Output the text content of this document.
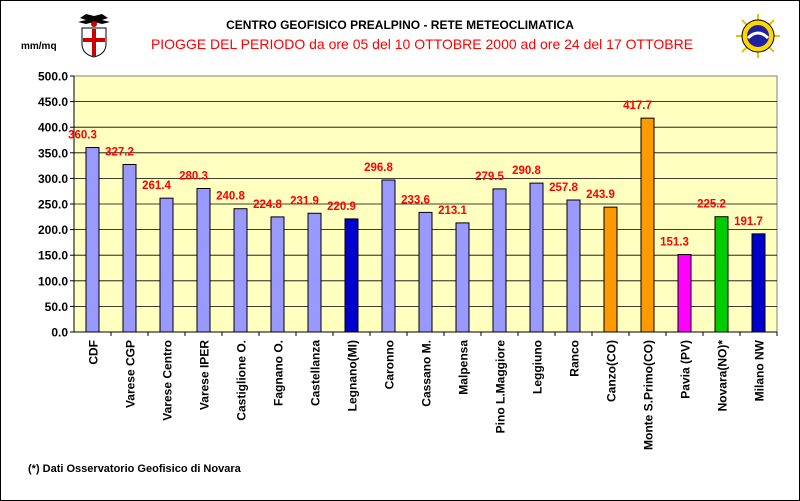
CENTRO GEOFISICO PREALPINO - RETE METEOCLIMATICA
PIOGGE DEL PERIODO da ore 05 del 10 OTTOBRE 2000 ad ore 24 del 17 OTTOBRE
mm/mq
0.0
50.0
100.0
150.0
200.0
250.0
300.0
350.0
400.0
450.0
500.0
360.3
CDF
327.2
Varese CGP
261.4
Varese Centro
280.3
Varese IPER
240.8
Castiglione O.
224.8
Fagnano O.
231.9
Castellanza
220.9
Legnano(MI)
296.8
Caronno
233.6
Cassano M.
213.1
Malpensa
279.5
Pino L.Maggiore
290.8
Leggiuno
257.8
Ranco
243.9
Canzo(CO)
417.7
Monte S.Primo(CO)
151.3
Pavia (PV)
225.2
Novara(NO)*
191.7
Milano NW
(*) Dati Osservatorio Geofisico di Novara
